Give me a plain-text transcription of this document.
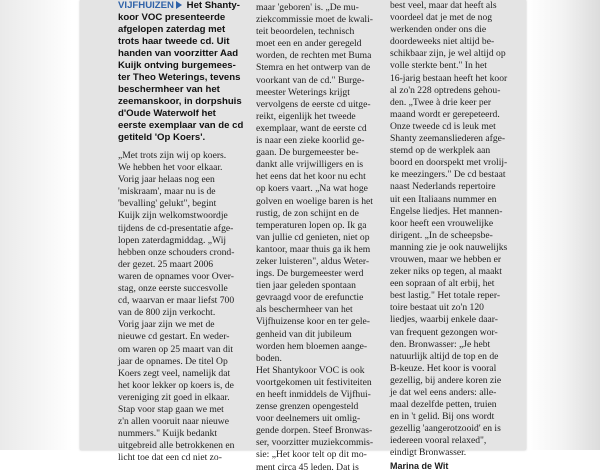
VIJFHUIZEN Het Shanty-
koor VOC presenteerde
afgelopen zaterdag met
trots haar tweede cd. Uit
handen van voorzitter Aad
Kuijk ontving burgemees-
ter Theo Weterings, tevens
beschermheer van het
zeemanskoor, in dorpshuis
d'Oude Waterwolf het
eerste exemplaar van de cd
getiteld 'Op Koers'.
„Met trots zijn wij op koers.
We hebben het voor elkaar.
Vorig jaar helaas nog een
'miskraam', maar nu is de
'bevalling' gelukt", begint
Kuijk zijn welkomstwoordje
tijdens de cd-presentatie afge-
lopen zaterdagmiddag. „Wij
hebben onze schouders crond-
der gezet. 25 maart 2006
waren de opnames voor Over-
stag, onze eerste succesvolle
cd, waarvan er maar liefst 700
van de 800 zijn verkocht.
Vorig jaar zijn we met de
nieuwe cd gestart. En weder-
om waren op 25 maart van dit
jaar de opnames. De titel Op
Koers zegt veel, namelijk dat
het koor lekker op koers is, de
vereniging zit goed in elkaar.
Stap voor stap gaan we met
z'n allen vooruit naar nieuwe
nummers." Kuijk bedankt
uitgebreid alle betrokkenen en
licht toe dat een cd niet zo-
maar 'geboren' is. „De mu-
ziekcommissie moet de kwali-
teit beoordelen, technisch
moet een en ander geregeld
worden, de rechten met Buma
Stemra en het ontwerp van de
voorkant van de cd." Burge-
meester Weterings krijgt
vervolgens de eerste cd uitge-
reikt, eigenlijk het tweede
exemplaar, want de eerste cd
is naar een zieke koorlid ge-
gaan. De burgemeester be-
dankt alle vrijwilligers en is
het eens dat het koor nu echt
op koers vaart. „Na wat hoge
golven en woelige baren is het
rustig, de zon schijnt en de
temperaturen lopen op. Ik ga
van jullie cd genieten, niet op
kantoor, maar thuis ga ik hem
zeker luisteren", aldus Weter-
ings. De burgemeester werd
tien jaar geleden spontaan
gevraagd voor de erefunctie
als beschermheer van het
Vijfhuizense koor en ter gele-
genheid van dit jubileum
worden hem bloemen aange-
boden.
Het Shantykoor VOC is ook
voortgekomen uit festiviteiten
en heeft inmiddels de Vijfhui-
zense grenzen opengesteld
voor deelnemers uit omlig-
gende dorpen. Steef Bronwas-
ser, voorzitter muziekcommis-
sie: „Het koor telt op dit mo-
ment circa 45 leden. Dat is
best veel, maar dat heeft als
voordeel dat je met de nog
werkenden onder ons die
doordeweeks niet altijd be-
schikbaar zijn, je wel altijd op
volle sterkte bent." In het
16-jarig bestaan heeft het koor
al zo'n 228 optredens gehou-
den. „Twee à drie keer per
maand wordt er gerepeteerd.
Onze tweede cd is leuk met
Shanty zeemansliederen afge-
stemd op de werkplek aan
boord en doorspekt met vrolij-
ke meezingers." De cd bestaat
naast Nederlands repertoire
uit een Italiaans nummer en
Engelse liedjes. Het mannen-
koor heeft een vrouwelijke
dirigent. „In de scheepsbe-
manning zie je ook nauwelijks
vrouwen, maar we hebben er
zeker niks op tegen, al maakt
een sopraan of alt erbij, het
best lastig." Het totale reper-
toire bestaat uit zo'n 120
liedjes, waarbij enkele daar-
van frequent gezongen wor-
den. Bronwasser: „Je hebt
natuurlijk altijd de top en de
B-keuze. Het koor is vooral
gezellig, bij andere koren zie
je dat wel eens anders: alle-
maal dezelfde petten, truien
en in 't gelid. Bij ons wordt
gezellig 'aangerotzooid' en is
iedereen vooral relaxed",
eindigt Bronwasser.
Marina de Wit
